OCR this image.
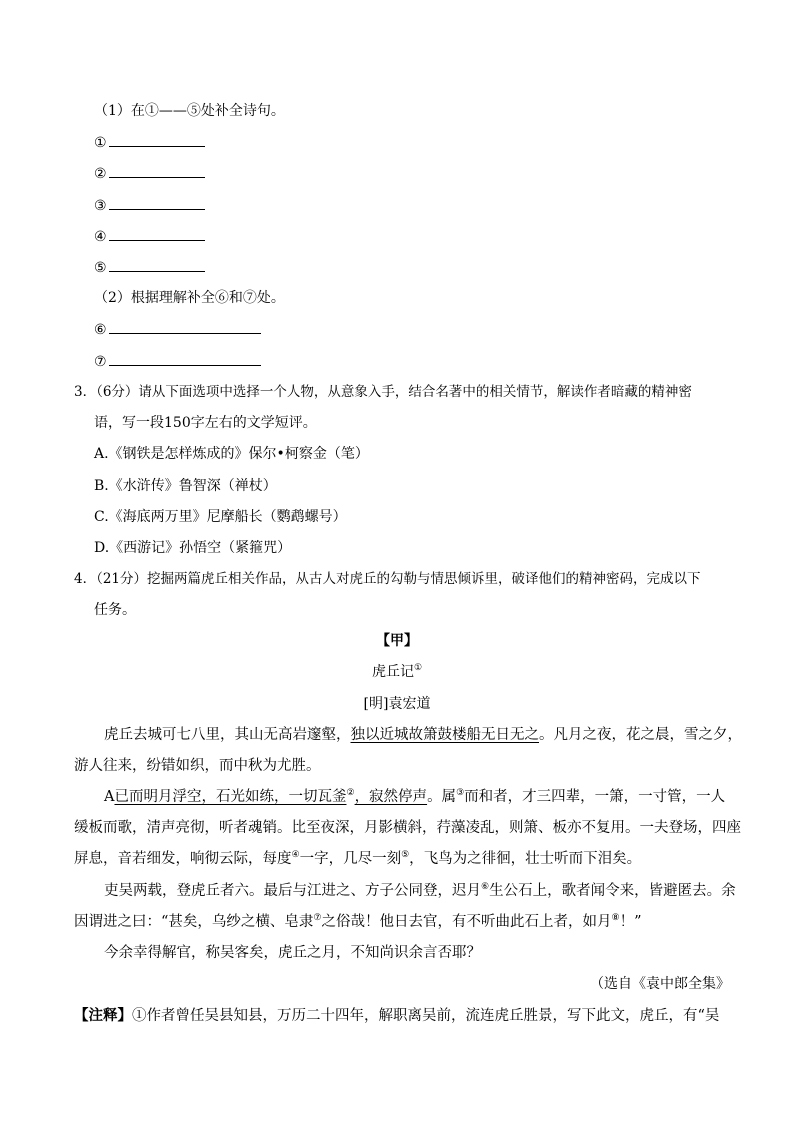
（1）在①——⑤处补全诗句。
①
②
③
④
⑤
（2）根据理解补全⑥和⑦处。
⑥
⑦
3．（6分）请从下面选项中选择一个人物，从意象入手，结合名著中的相关情节，解读作者暗藏的精神密
语，写一段150字左右的文学短评。
A.《钢铁是怎样炼成的》保尔•柯察金（笔）
B.《水浒传》鲁智深（禅杖）
C.《海底两万里》尼摩船长（鹦鹉螺号）
D.《西游记》孙悟空（紧箍咒）
4．（21分）挖掘两篇虎丘相关作品，从古人对虎丘的勾勒与情思倾诉里，破译他们的精神密码，完成以下
任务。
【甲】
虎丘记①
[明]袁宏道
虎丘去城可七八里，其山无高岩邃壑，独以近城故箫鼓楼船无日无之。凡月之夜，花之晨，雪之夕，
游人往来，纷错如织，而中秋为尤胜。
A已而明月浮空，石光如练，一切瓦釜②，寂然停声。属③而和者，才三四辈，一箫，一寸管，一人
缓板而歌，清声亮彻，听者魂销。比至夜深，月影横斜，荇藻凌乱，则箫、板亦不复用。一夫登场，四座
屏息，音若细发，响彻云际，每度④一字，几尽一刻⑤，飞鸟为之徘徊，壮士听而下泪矣。
吏吴两载，登虎丘者六。最后与江进之、方子公同登，迟月⑥生公石上，歌者闻令来，皆避匿去。余
因谓进之曰：“甚矣，乌纱之横、皂隶⑦之俗哉！他日去官，有不听曲此石上者，如月⑧！”
今余幸得解官，称吴客矣，虎丘之月，不知尚识余言否耶？
（选自《袁中郎全集》
【注释】①作者曾任吴县知县，万历二十四年，解职离吴前，流连虎丘胜景，写下此文，虎丘，有“吴
